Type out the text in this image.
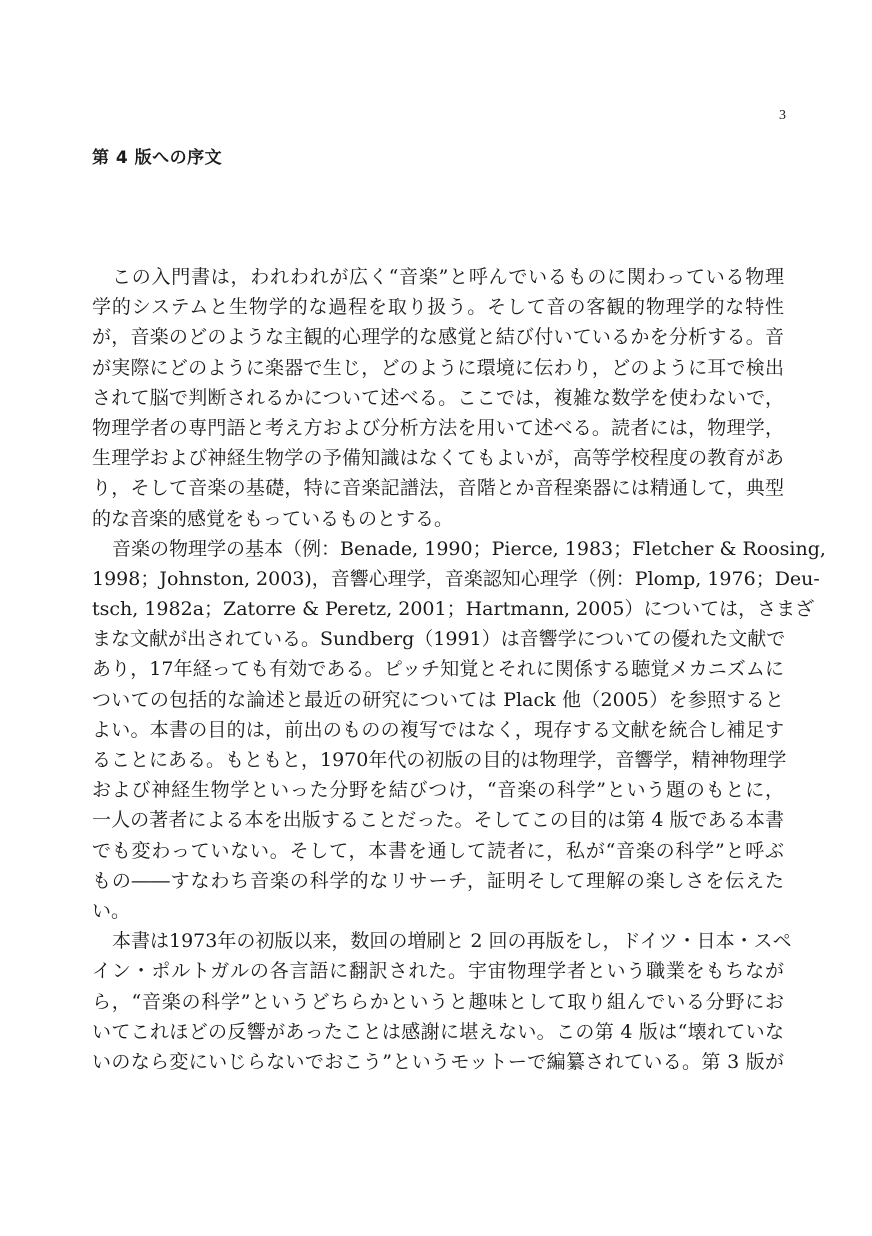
3
第 4 版への序文
この入門書は，われわれが広く“音楽”と呼んでいるものに関わっている物理
学的システムと生物学的な過程を取り扱う。そして音の客観的物理学的な特性
が，音楽のどのような主観的心理学的な感覚と結び付いているかを分析する。音
が実際にどのように楽器で生じ，どのように環境に伝わり，どのように耳で検出
されて脳で判断されるかについて述べる。ここでは，複雑な数学を使わないで，
物理学者の専門語と考え方および分析方法を用いて述べる。読者には，物理学，
生理学および神経生物学の予備知識はなくてもよいが，高等学校程度の教育があ
り，そして音楽の基礎，特に音楽記譜法，音階とか音程楽器には精通して，典型
的な音楽的感覚をもっているものとする。
音楽の物理学の基本（例：Benade, 1990；Pierce, 1983；Fletcher & Roosing,
1998；Johnston, 2003)，音響心理学，音楽認知心理学（例：Plomp, 1976；Deu-
tsch, 1982a；Zatorre & Peretz, 2001；Hartmann, 2005）については，さまざ
まな文献が出されている。Sundberg（1991）は音響学についての優れた文献で
あり，17年経っても有効である。ピッチ知覚とそれに関係する聴覚メカニズムに
ついての包括的な論述と最近の研究については Plack 他（2005）を参照すると
よい。本書の目的は，前出のものの複写ではなく，現存する文献を統合し補足す
ることにある。もともと，1970年代の初版の目的は物理学，音響学，精神物理学
および神経生物学といった分野を結びつけ，“音楽の科学”という題のもとに，
一人の著者による本を出版することだった。そしてこの目的は第 4 版である本書
でも変わっていない。そして，本書を通して読者に，私が“音楽の科学”と呼ぶ
もの――すなわち音楽の科学的なリサーチ，証明そして理解の楽しさを伝えた
い。
本書は1973年の初版以来，数回の増刷と 2 回の再版をし，ドイツ・日本・スペ
イン・ポルトガルの各言語に翻訳された。宇宙物理学者という職業をもちなが
ら，“音楽の科学”というどちらかというと趣味として取り組んでいる分野にお
いてこれほどの反響があったことは感謝に堪えない。この第 4 版は“壊れていな
いのなら変にいじらないでおこう”というモットーで編纂されている。第 3 版が
